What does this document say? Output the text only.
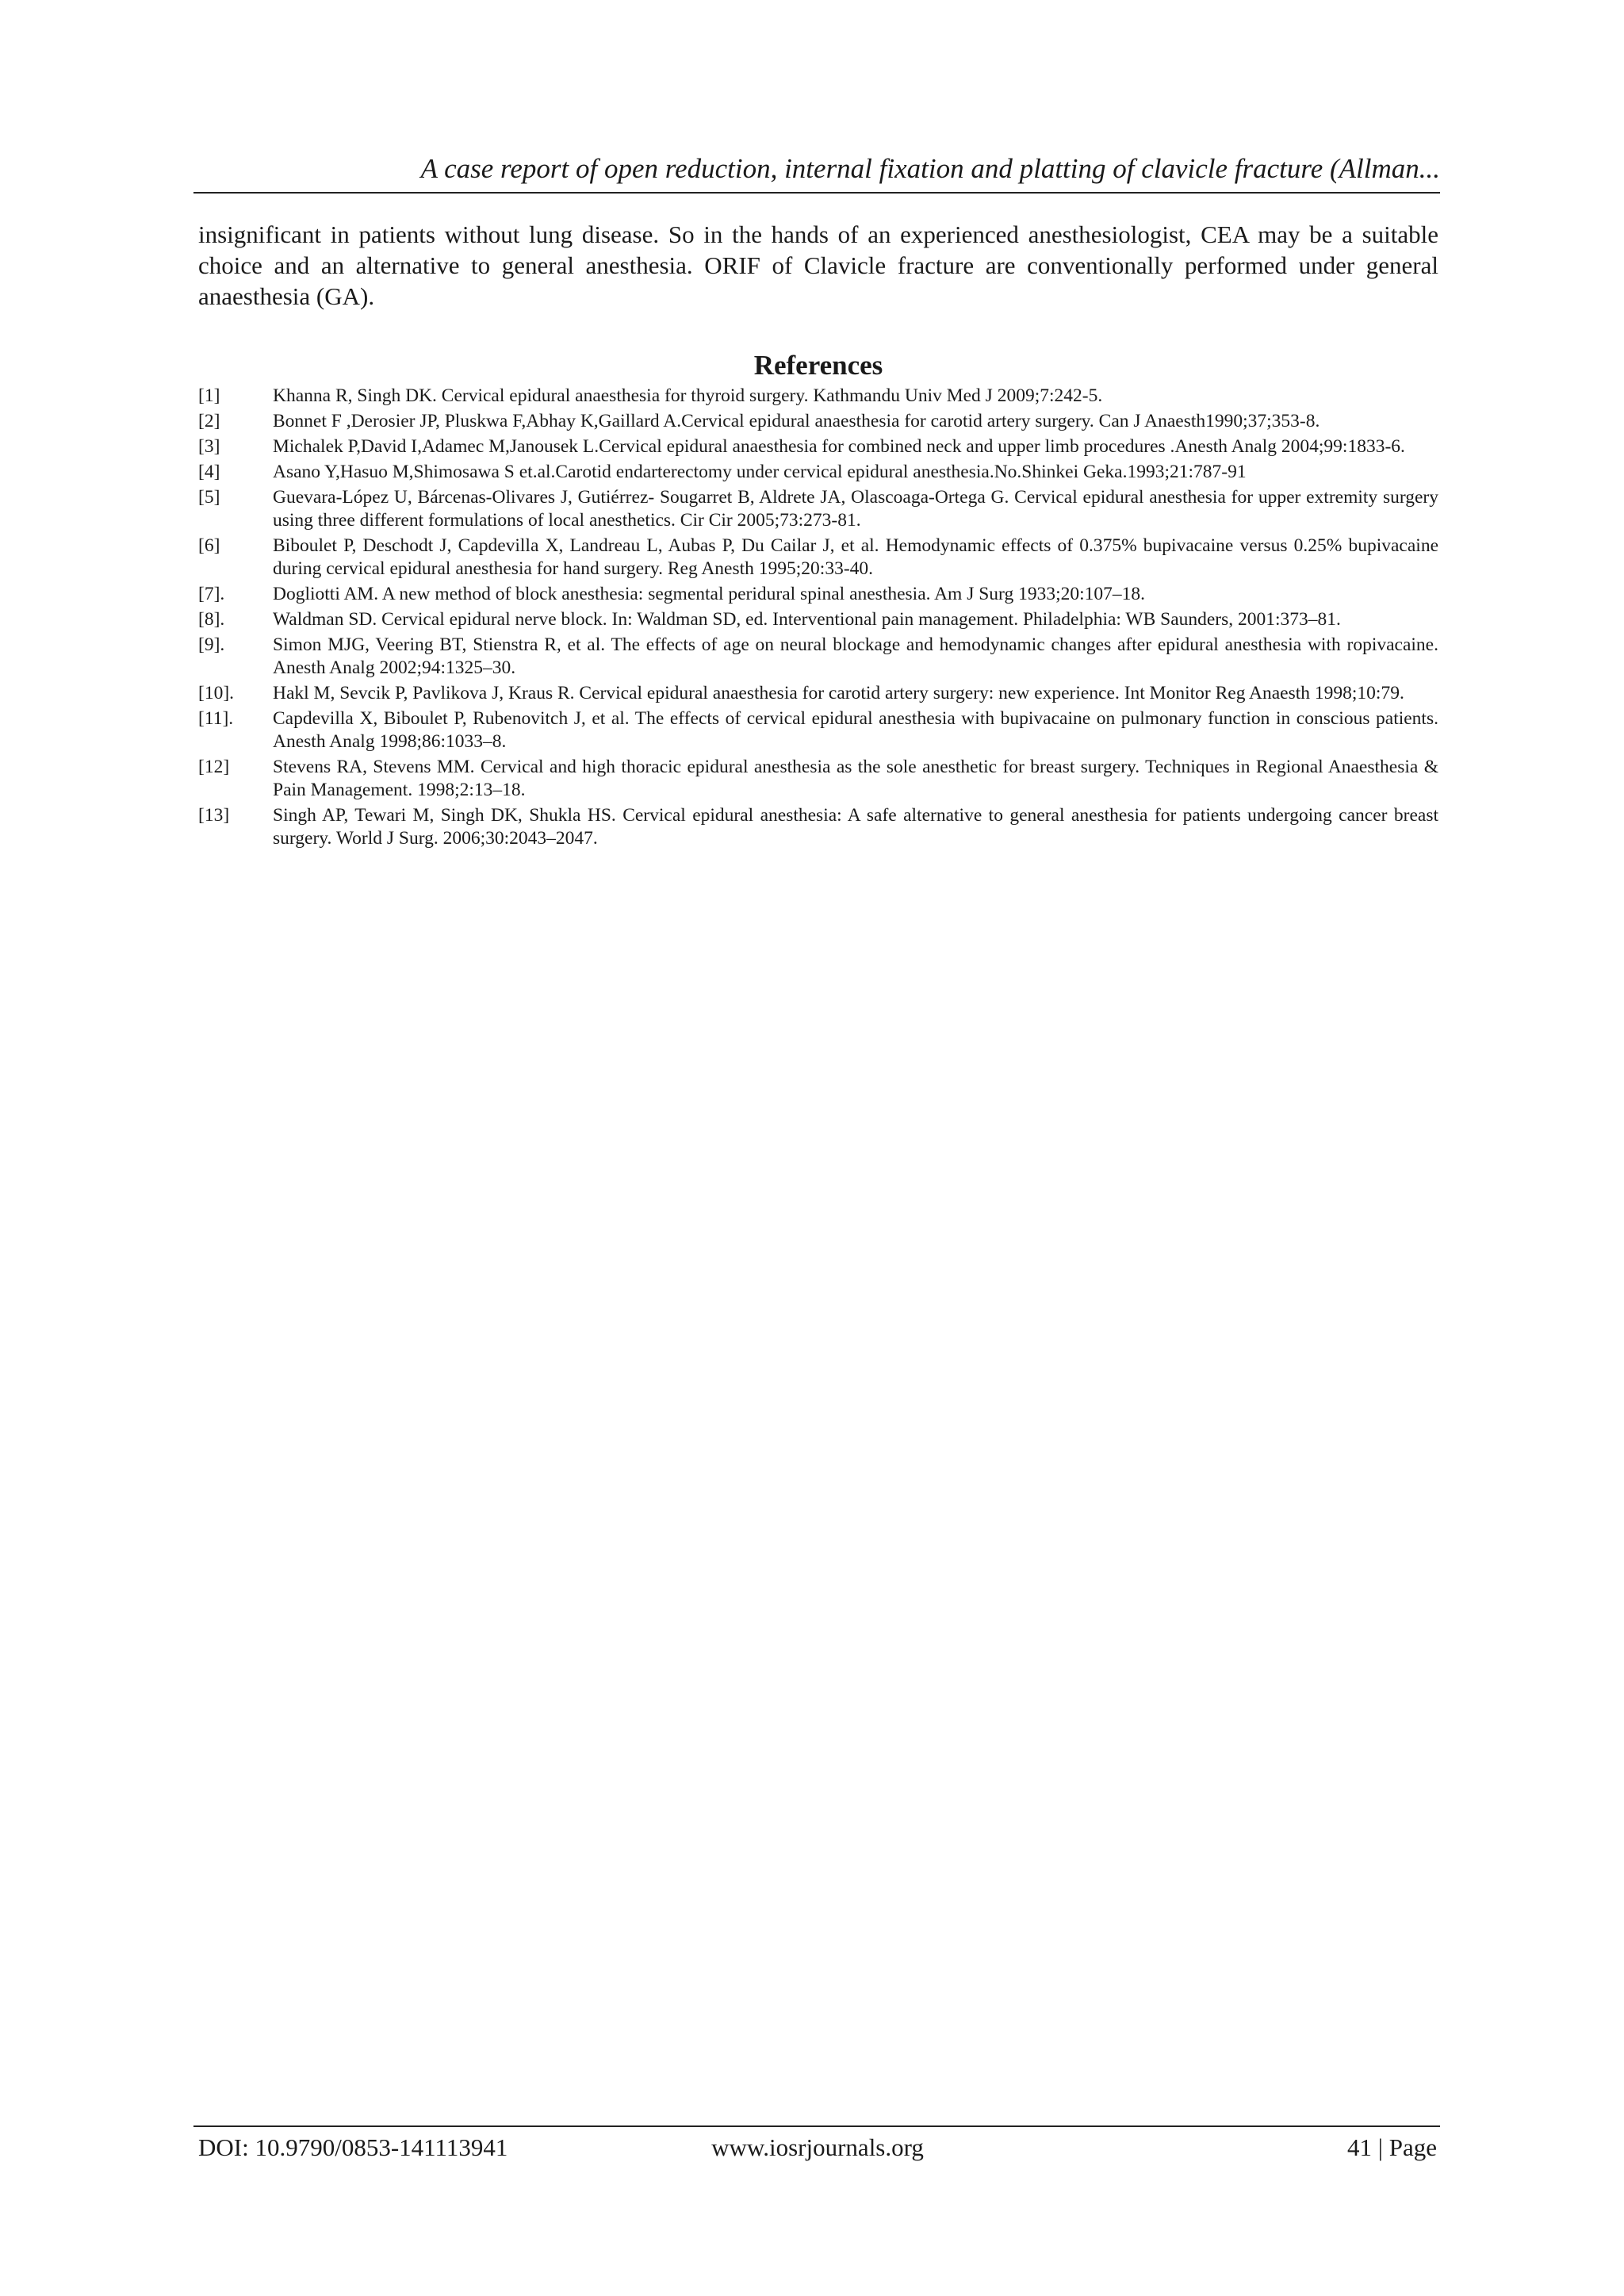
A case report of open reduction, internal fixation and platting of clavicle fracture (Allman...

insignificant in patients without lung disease. So in the hands of an experienced anesthesiologist, CEA may be a suitable choice and an alternative to general anesthesia. ORIF of Clavicle fracture are conventionally performed under general anaesthesia (GA).

References
[1]	Khanna R, Singh DK. Cervical epidural anaesthesia for thyroid surgery. Kathmandu Univ Med J 2009;7:242-5.
[2]	Bonnet F ,Derosier JP, Pluskwa F,Abhay K,Gaillard A.Cervical epidural anaesthesia for carotid artery surgery. Can J Anaesth1990;37;353-8.
[3]	Michalek P,David I,Adamec M,Janousek L.Cervical epidural anaesthesia for combined neck and upper limb procedures .Anesth Analg 2004;99:1833-6.
[4]	Asano Y,Hasuo M,Shimosawa S et.al.Carotid endarterectomy under cervical epidural anesthesia.No.Shinkei Geka.1993;21:787-91
[5]	Guevara-López U, Bárcenas-Olivares J, Gutiérrez- Sougarret B, Aldrete JA, Olascoaga-Ortega G. Cervical epidural anesthesia for upper extremity surgery using three different formulations of local anesthetics. Cir Cir 2005;73:273-81.
[6]	Biboulet P, Deschodt J, Capdevilla X, Landreau L, Aubas P, Du Cailar J, et al. Hemodynamic effects of 0.375% bupivacaine versus 0.25% bupivacaine during cervical epidural anesthesia for hand surgery. Reg Anesth 1995;20:33-40.
[7].	Dogliotti AM. A new method of block anesthesia: segmental peridural spinal anesthesia. Am J Surg 1933;20:107–18.
[8].	Waldman SD. Cervical epidural nerve block. In: Waldman SD, ed. Interventional pain management. Philadelphia: WB Saunders, 2001:373–81.
[9].	Simon MJG, Veering BT, Stienstra R, et al. The effects of age on neural blockage and hemodynamic changes after epidural anesthesia with ropivacaine. Anesth Analg 2002;94:1325–30.
[10].	Hakl M, Sevcik P, Pavlikova J, Kraus R. Cervical epidural anaesthesia for carotid artery surgery: new experience. Int Monitor Reg Anaesth 1998;10:79.
[11].	Capdevilla X, Biboulet P, Rubenovitch J, et al. The effects of cervical epidural anesthesia with bupivacaine on pulmonary function in conscious patients. Anesth Analg 1998;86:1033–8.
[12]	Stevens RA, Stevens MM. Cervical and high thoracic epidural anesthesia as the sole anesthetic for breast surgery. Techniques in Regional Anaesthesia & Pain Management. 1998;2:13–18.
[13]	Singh AP, Tewari M, Singh DK, Shukla HS. Cervical epidural anesthesia: A safe alternative to general anesthesia for patients undergoing cancer breast surgery. World J Surg. 2006;30:2043–2047.
DOI: 10.9790/0853-141113941	www.iosrjournals.org	41 | Page
